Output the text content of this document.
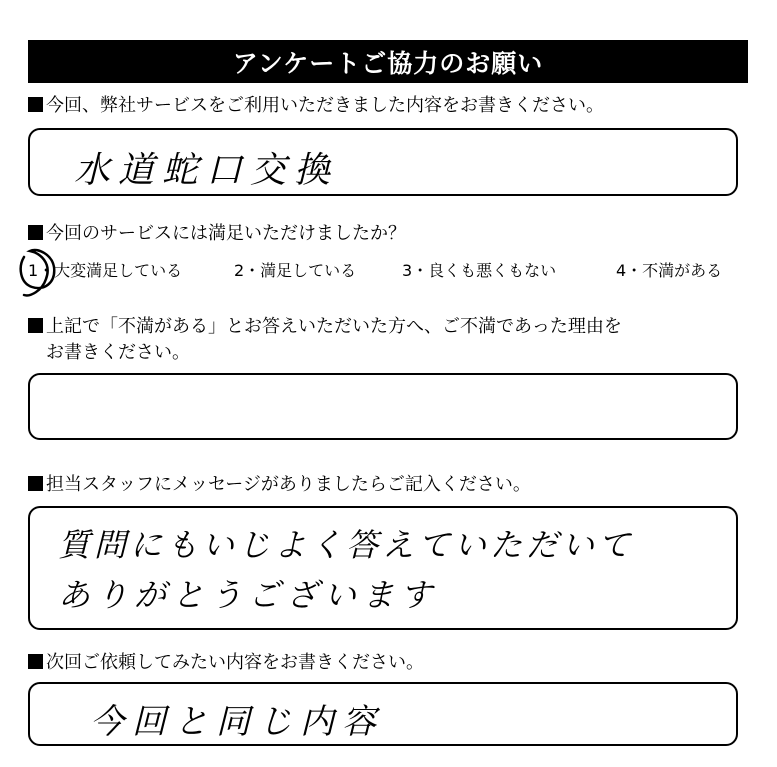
アンケートご協力のお願い
今回、弊社サービスをご利用いただきました内容をお書きください。
水道蛇口交換
今回のサービスには満足いただけましたか？
1・大変満足している	2・満足している	3・良くも悪くもない	4・不満がある
上記で「不満がある」とお答えいただいた方へ、ご不満であった理由を
お書きください。
担当スタッフにメッセージがありましたらご記入ください。
質問にもいじよく答えていただいて
ありがとうございます
次回ご依頼してみたい内容をお書きください。
今回と同じ内容
